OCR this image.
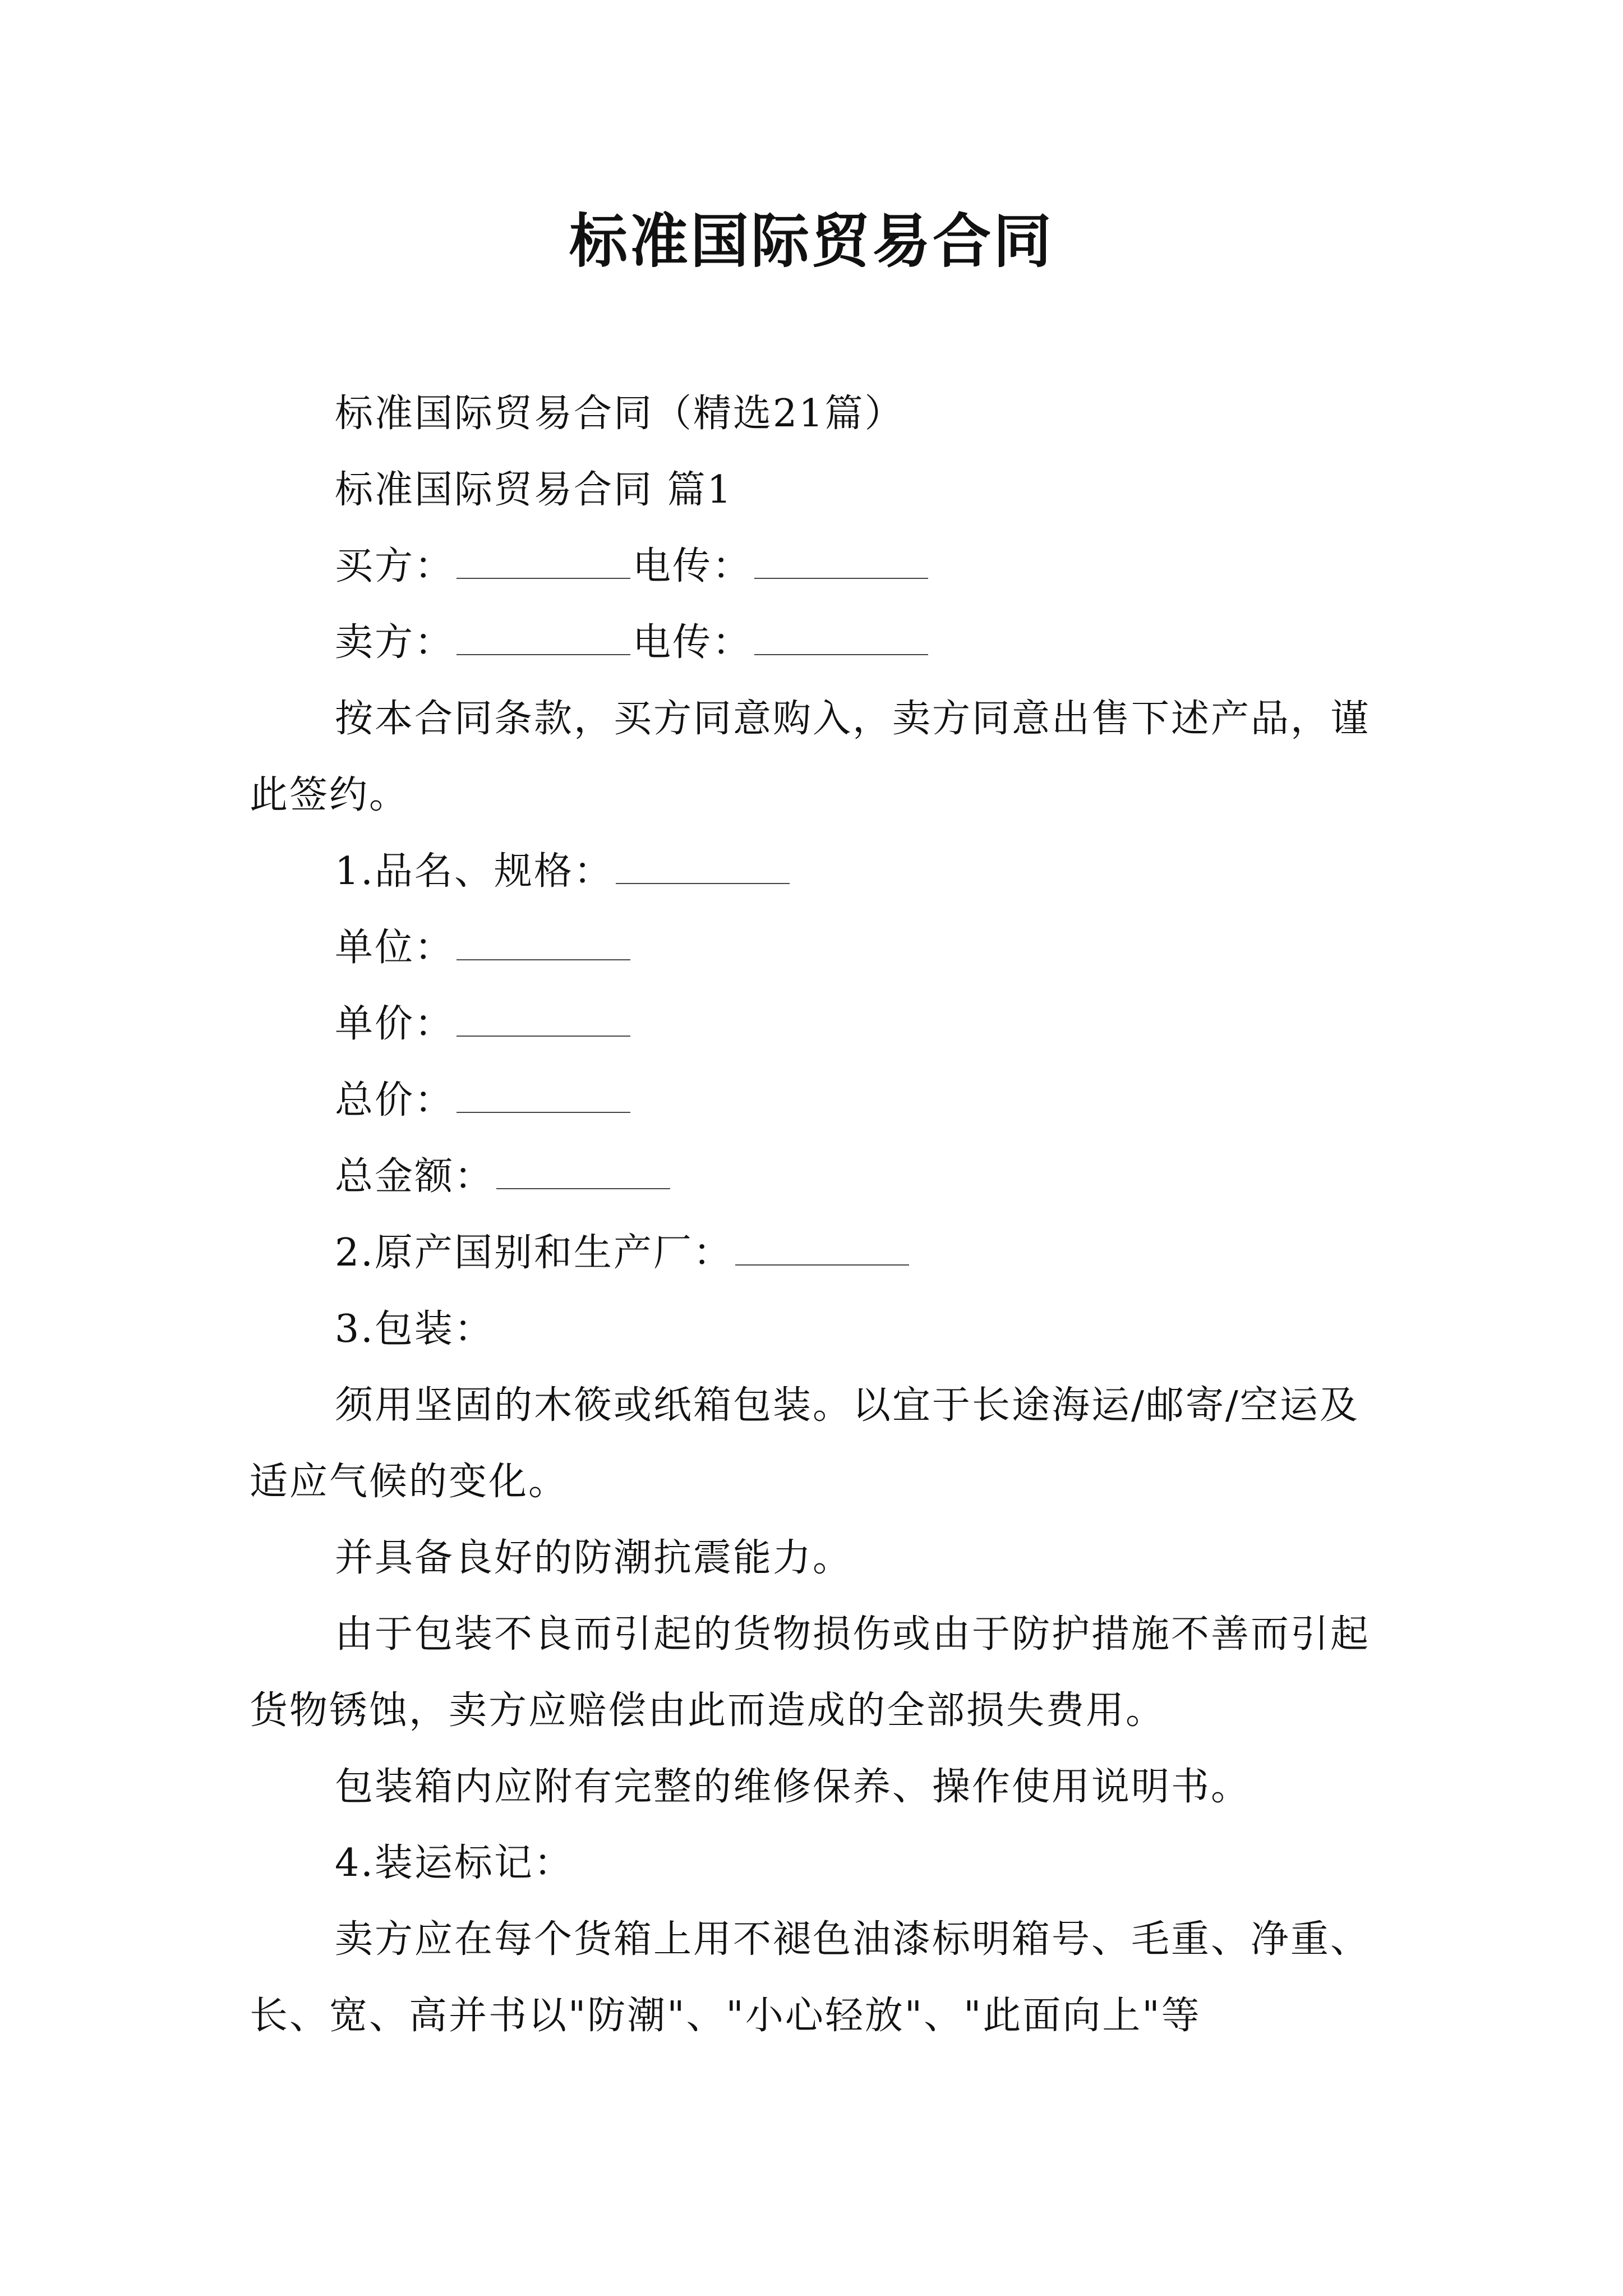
标准国际贸易合同

标准国际贸易合同（精选21篇）

标准国际贸易合同 篇1

买方：	电传：

卖方：	电传：

按本合同条款，买方同意购入，卖方同意出售下述产品，谨此签约。

1.品名、规格：

单位：

单价：

总价：

总金额：

2.原产国别和生产厂：

3.包装：

须用坚固的木筱或纸箱包装。以宜于长途海运/邮寄/空运及适应气候的变化。

并具备良好的防潮抗震能力。

由于包装不良而引起的货物损伤或由于防护措施不善而引起货物锈蚀，卖方应赔偿由此而造成的全部损失费用。

包装箱内应附有完整的维修保养、操作使用说明书。

4.装运标记：

卖方应在每个货箱上用不褪色油漆标明箱号、毛重、净重、长、宽、高并书以"防潮"、"小心轻放"、"此面向上"等
